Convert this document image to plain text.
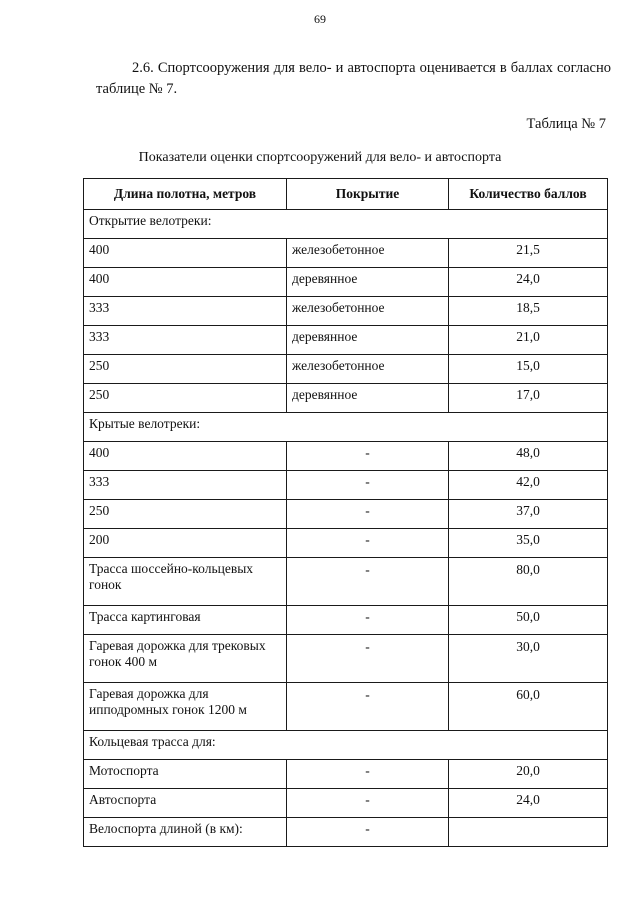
69
2.6. Спортсооружения для вело- и автоспорта оценивается в баллах согласно таблице № 7.
Таблица № 7
Показатели оценки спортсооружений для вело- и автоспорта
Длина полотна, метров	Покрытие	Количество баллов
Открытие велотреки:		
400	железобетонное	21,5
400	деревянное	24,0
333	железобетонное	18,5
333	деревянное	21,0
250	железобетонное	15,0
250	деревянное	17,0
Крытые велотреки:		
400	-	48,0
333	-	42,0
250	-	37,0
200	-	35,0
Трасса шоссейно-кольцевых гонок	-	80,0
Трасса картинговая	-	50,0
Гаревая дорожка для трековых гонок 400 м	-	30,0
Гаревая дорожка для ипподромных гонок 1200 м	-	60,0
Кольцевая трасса для:		
Мотоспорта	-	20,0
Автоспорта	-	24,0
Велоспорта длиной (в км):	-	
